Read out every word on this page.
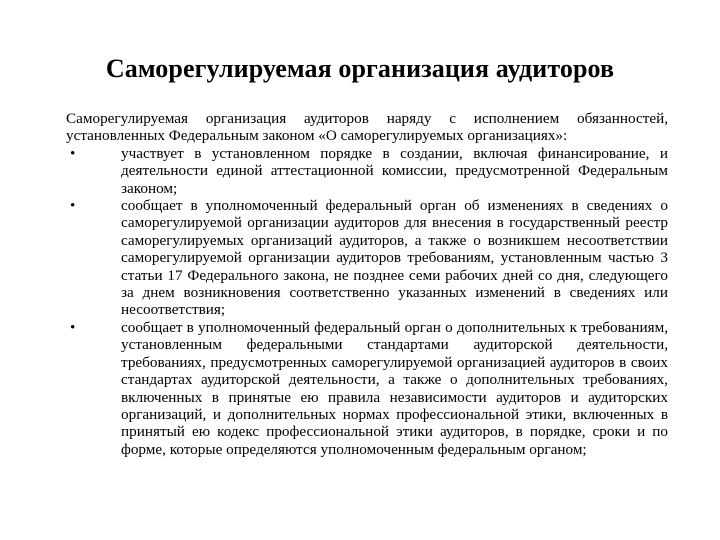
Саморегулируемая организация аудиторов

Саморегулируемая организация аудиторов наряду с исполнением обязанностей, установленных Федеральным законом «О саморегулируемых организациях»:

•	участвует в установленном порядке в создании, включая финансирование, и деятельности единой аттестационной комиссии, предусмотренной Федеральным законом;
•	сообщает в уполномоченный федеральный орган об изменениях в сведениях о саморегулируемой организации аудиторов для внесения в государственный реестр саморегулируемых организаций аудиторов, а также о возникшем несоответствии саморегулируемой организации аудиторов требованиям, установленным частью 3 статьи 17 Федерального закона, не позднее семи рабочих дней со дня, следующего за днем возникновения соответственно указанных изменений в сведениях или несоответствия;
•	сообщает в уполномоченный федеральный орган о дополнительных к требованиям, установленным федеральными стандартами аудиторской деятельности, требованиях, предусмотренных саморегулируемой организацией аудиторов в своих стандартах аудиторской деятельности, а также о дополнительных требованиях, включенных в принятые ею правила независимости аудиторов и аудиторских организаций, и дополнительных нормах профессиональной этики, включенных в принятый ею кодекс профессиональной этики аудиторов, в порядке, сроки и по форме, которые определяются уполномоченным федеральным органом;
